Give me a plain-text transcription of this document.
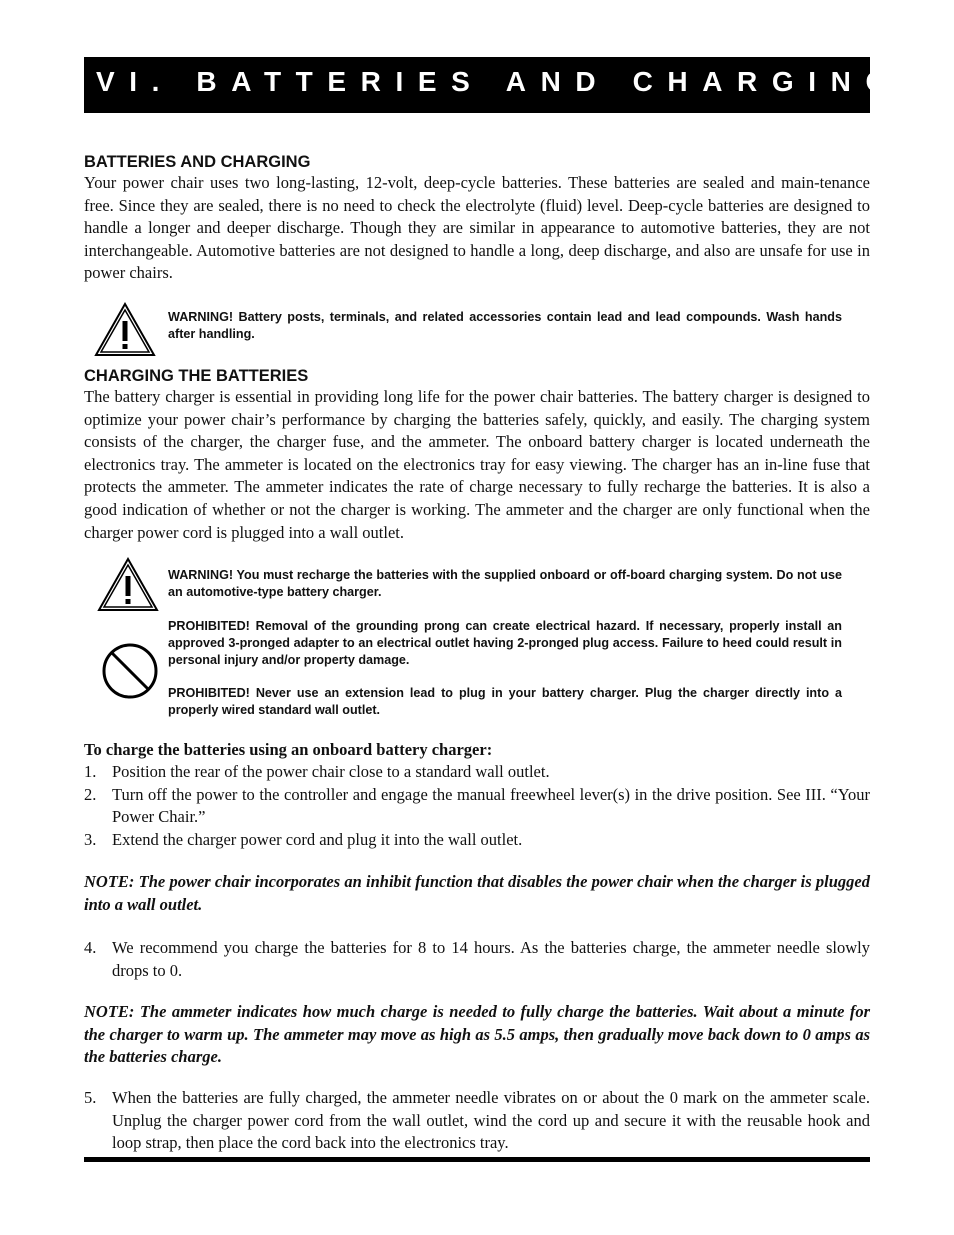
VI. BATTERIES AND CHARGING
BATTERIES AND CHARGING

Your power chair uses two long-lasting, 12-volt, deep-cycle batteries. These batteries are sealed and main-tenance free. Since they are sealed, there is no need to check the electrolyte (fluid) level. Deep-cycle batteries are designed to handle a longer and deeper discharge. Though they are similar in appearance to automotive batteries, they are not interchangeable. Automotive batteries are not designed to handle a long, deep discharge, and also are unsafe for use in power chairs.

WARNING! Battery posts, terminals, and related accessories contain lead and lead compounds. Wash hands after handling.

CHARGING THE BATTERIES

The battery charger is essential in providing long life for the power chair batteries. The battery charger is designed to optimize your power chair’s performance by charging the batteries safely, quickly, and easily. The charging system consists of the charger, the charger fuse, and the ammeter. The onboard battery charger is located underneath the electronics tray. The ammeter is located on the electronics tray for easy viewing. The charger has an in-line fuse that protects the ammeter. The ammeter indicates the rate of charge necessary to fully recharge the batteries. It is also a good indication of whether or not the charger is working. The ammeter and the charger are only functional when the charger power cord is plugged into a wall outlet.

WARNING! You must recharge the batteries with the supplied onboard or off-board charging system. Do not use an automotive-type battery charger.

PROHIBITED! Removal of the grounding prong can create electrical hazard. If necessary, properly install an approved 3-pronged adapter to an electrical outlet having 2-pronged plug access. Failure to heed could result in personal injury and/or property damage.

PROHIBITED! Never use an extension lead to plug in your battery charger. Plug the charger directly into a properly wired standard wall outlet.

To charge the batteries using an onboard battery charger:
1. Position the rear of the power chair close to a standard wall outlet.
2. Turn off the power to the controller and engage the manual freewheel lever(s) in the drive position. See III. “Your Power Chair.”
3. Extend the charger power cord and plug it into the wall outlet.

NOTE: The power chair incorporates an inhibit function that disables the power chair when the charger is plugged into a wall outlet.

4. We recommend you charge the batteries for 8 to 14 hours. As the batteries charge, the ammeter needle slowly drops to 0.

NOTE: The ammeter indicates how much charge is needed to fully charge the batteries. Wait about a minute for the charger to warm up. The ammeter may move as high as 5.5 amps, then gradually move back down to 0 amps as the batteries charge.

5. When the batteries are fully charged, the ammeter needle vibrates on or about the 0 mark on the ammeter scale. Unplug the charger power cord from the wall outlet, wind the cord up and secure it with the reusable hook and loop strap, then place the cord back into the electronics tray.
